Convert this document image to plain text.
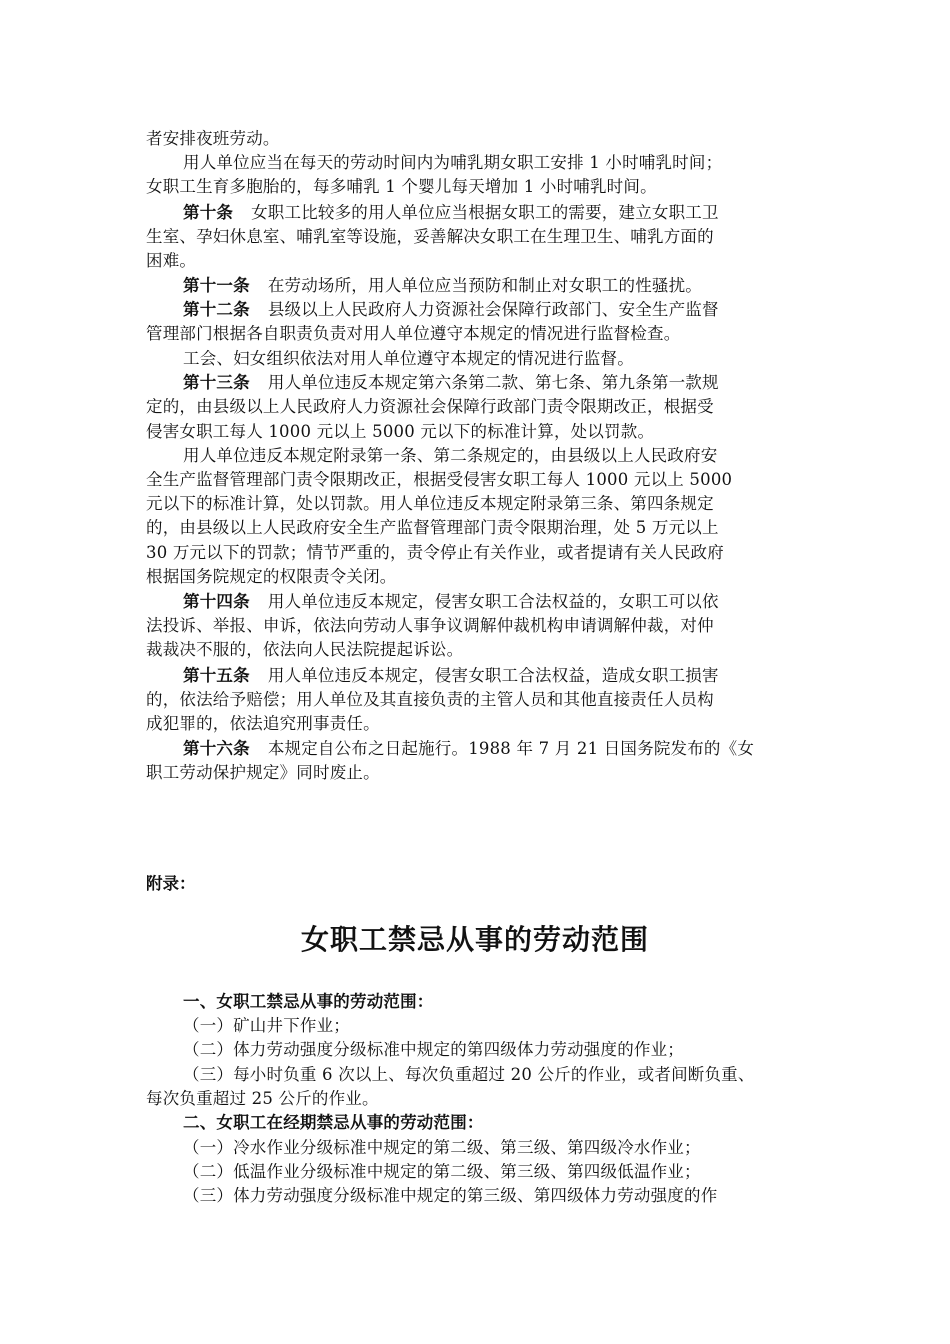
者安排夜班劳动。
用人单位应当在每天的劳动时间内为哺乳期女职工安排 1 小时哺乳时间；
女职工生育多胞胎的，每多哺乳 1 个婴儿每天增加 1 小时哺乳时间。
第十条 女职工比较多的用人单位应当根据女职工的需要，建立女职工卫
生室、孕妇休息室、哺乳室等设施，妥善解决女职工在生理卫生、哺乳方面的
困难。
第十一条 在劳动场所，用人单位应当预防和制止对女职工的性骚扰。
第十二条 县级以上人民政府人力资源社会保障行政部门、安全生产监督
管理部门根据各自职责负责对用人单位遵守本规定的情况进行监督检查。
工会、妇女组织依法对用人单位遵守本规定的情况进行监督。
第十三条 用人单位违反本规定第六条第二款、第七条、第九条第一款规
定的，由县级以上人民政府人力资源社会保障行政部门责令限期改正，根据受
侵害女职工每人 1000 元以上 5000 元以下的标准计算，处以罚款。
用人单位违反本规定附录第一条、第二条规定的，由县级以上人民政府安
全生产监督管理部门责令限期改正，根据受侵害女职工每人 1000 元以上 5000
元以下的标准计算，处以罚款。用人单位违反本规定附录第三条、第四条规定
的，由县级以上人民政府安全生产监督管理部门责令限期治理，处 5 万元以上
30 万元以下的罚款；情节严重的，责令停止有关作业，或者提请有关人民政府
根据国务院规定的权限责令关闭。
第十四条 用人单位违反本规定，侵害女职工合法权益的，女职工可以依
法投诉、举报、申诉，依法向劳动人事争议调解仲裁机构申请调解仲裁，对仲
裁裁决不服的，依法向人民法院提起诉讼。
第十五条 用人单位违反本规定，侵害女职工合法权益，造成女职工损害
的，依法给予赔偿；用人单位及其直接负责的主管人员和其他直接责任人员构
成犯罪的，依法追究刑事责任。
第十六条 本规定自公布之日起施行。1988 年 7 月 21 日国务院发布的《女
职工劳动保护规定》同时废止。
附录：
女职工禁忌从事的劳动范围
一、女职工禁忌从事的劳动范围：
（一）矿山井下作业；
（二）体力劳动强度分级标准中规定的第四级体力劳动强度的作业；
（三）每小时负重 6 次以上、每次负重超过 20 公斤的作业，或者间断负重、
每次负重超过 25 公斤的作业。
二、女职工在经期禁忌从事的劳动范围：
（一）冷水作业分级标准中规定的第二级、第三级、第四级冷水作业；
（二）低温作业分级标准中规定的第二级、第三级、第四级低温作业；
（三）体力劳动强度分级标准中规定的第三级、第四级体力劳动强度的作
